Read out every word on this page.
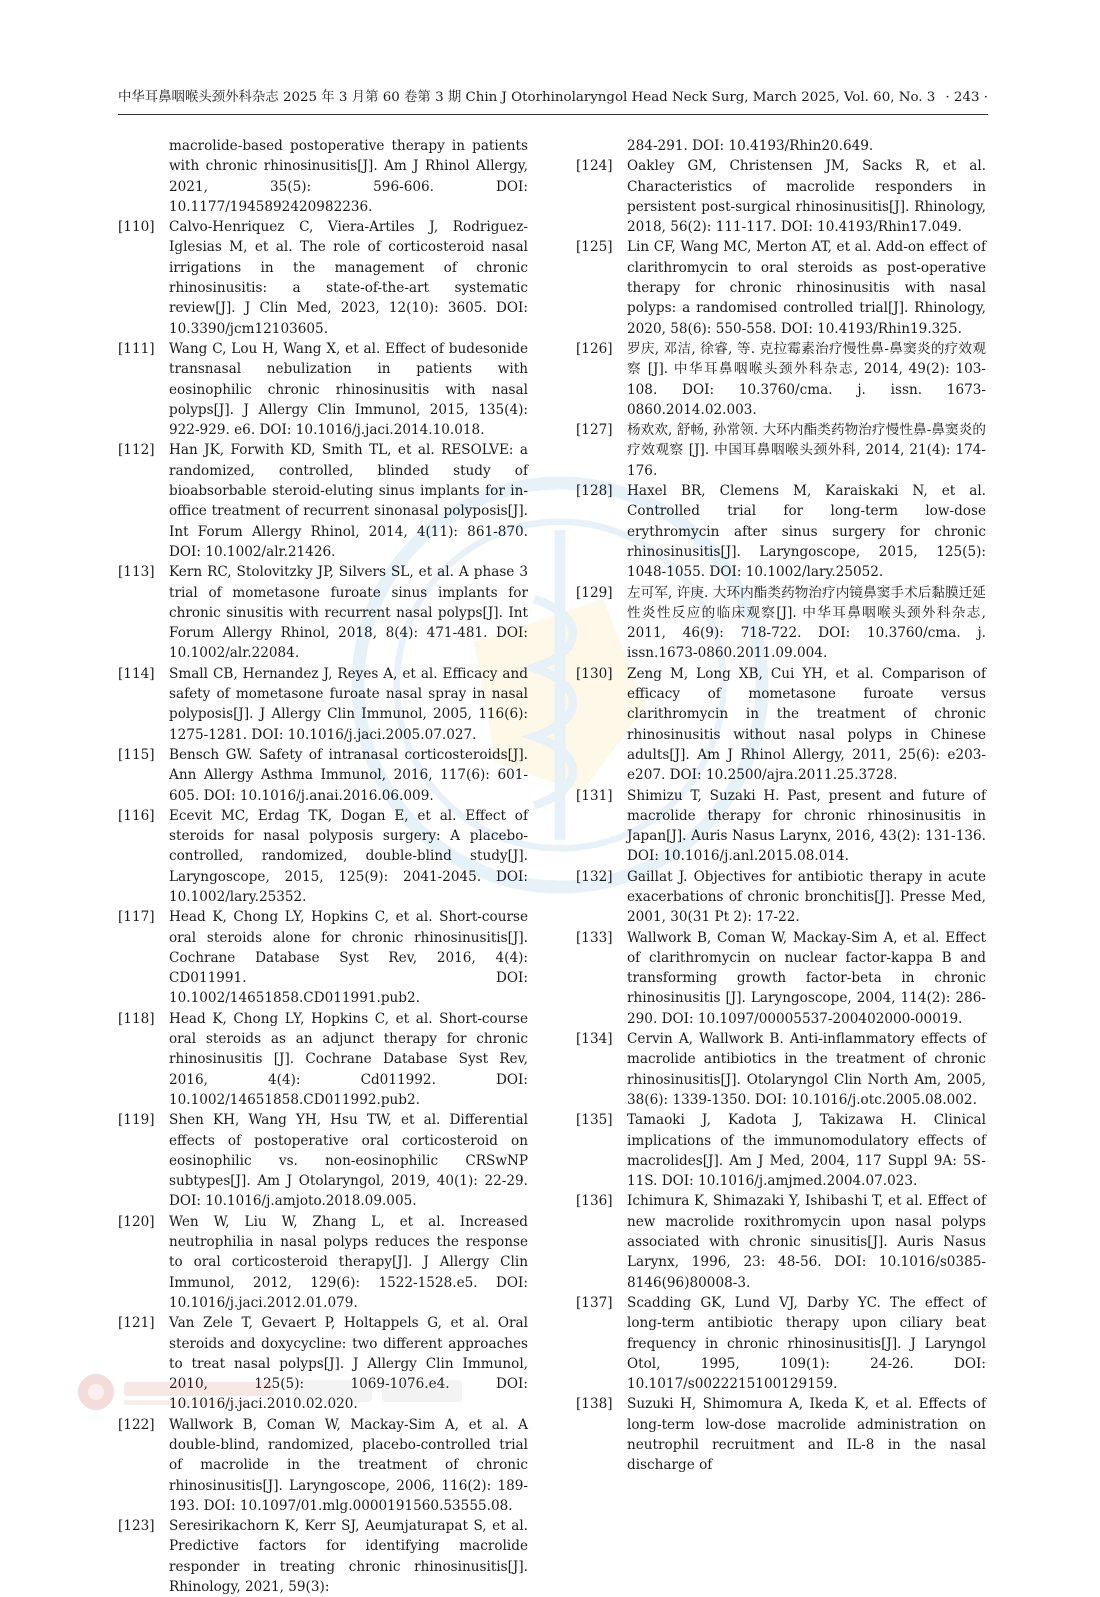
中华耳鼻咽喉头颈外科杂志 2025 年 3 月第 60 卷第 3 期 Chin J Otorhinolaryngol Head Neck Surg, March 2025, Vol. 60, No. 3 · 243 ·

macrolide-based postoperative therapy in patients with chronic rhinosinusitis[J]. Am J Rhinol Allergy, 2021, 35(5): 596-606. DOI: 10.1177/1945892420982236.

[110] Calvo-Henriquez C, Viera-Artiles J, Rodriguez-Iglesias M, et al. The role of corticosteroid nasal irrigations in the management of chronic rhinosinusitis: a state-of-the-art systematic review[J]. J Clin Med, 2023, 12(10): 3605. DOI: 10.3390/jcm12103605.

[111] Wang C, Lou H, Wang X, et al. Effect of budesonide transnasal nebulization in patients with eosinophilic chronic rhinosinusitis with nasal polyps[J]. J Allergy Clin Immunol, 2015, 135(4): 922-929. e6. DOI: 10.1016/j.jaci.2014.10.018.

[112] Han JK, Forwith KD, Smith TL, et al. RESOLVE: a randomized, controlled, blinded study of bioabsorbable steroid-eluting sinus implants for in-office treatment of recurrent sinonasal polyposis[J]. Int Forum Allergy Rhinol, 2014, 4(11): 861-870. DOI: 10.1002/alr.21426.

[113] Kern RC, Stolovitzky JP, Silvers SL, et al. A phase 3 trial of mometasone furoate sinus implants for chronic sinusitis with recurrent nasal polyps[J]. Int Forum Allergy Rhinol, 2018, 8(4): 471-481. DOI: 10.1002/alr.22084.

[114] Small CB, Hernandez J, Reyes A, et al. Efficacy and safety of mometasone furoate nasal spray in nasal polyposis[J]. J Allergy Clin Immunol, 2005, 116(6): 1275-1281. DOI: 10.1016/j.jaci.2005.07.027.

[115] Bensch GW. Safety of intranasal corticosteroids[J]. Ann Allergy Asthma Immunol, 2016, 117(6): 601-605. DOI: 10.1016/j.anai.2016.06.009.

[116] Ecevit MC, Erdag TK, Dogan E, et al. Effect of steroids for nasal polyposis surgery: A placebo-controlled, randomized, double-blind study[J]. Laryngoscope, 2015, 125(9): 2041-2045. DOI: 10.1002/lary.25352.

[117] Head K, Chong LY, Hopkins C, et al. Short-course oral steroids alone for chronic rhinosinusitis[J]. Cochrane Database Syst Rev, 2016, 4(4): CD011991. DOI: 10.1002/14651858.CD011991.pub2.

[118] Head K, Chong LY, Hopkins C, et al. Short-course oral steroids as an adjunct therapy for chronic rhinosinusitis [J]. Cochrane Database Syst Rev, 2016, 4(4): Cd011992. DOI: 10.1002/14651858.CD011992.pub2.

[119] Shen KH, Wang YH, Hsu TW, et al. Differential effects of postoperative oral corticosteroid on eosinophilic vs. non-eosinophilic CRSwNP subtypes[J]. Am J Otolaryngol, 2019, 40(1): 22-29. DOI: 10.1016/j.amjoto.2018.09.005.

[120] Wen W, Liu W, Zhang L, et al. Increased neutrophilia in nasal polyps reduces the response to oral corticosteroid therapy[J]. J Allergy Clin Immunol, 2012, 129(6): 1522-1528.e5. DOI: 10.1016/j.jaci.2012.01.079.

[121] Van Zele T, Gevaert P, Holtappels G, et al. Oral steroids and doxycycline: two different approaches to treat nasal polyps[J]. J Allergy Clin Immunol, 2010, 125(5): 1069-1076.e4. DOI: 10.1016/j.jaci.2010.02.020.

[122] Wallwork B, Coman W, Mackay-Sim A, et al. A double-blind, randomized, placebo-controlled trial of macrolide in the treatment of chronic rhinosinusitis[J]. Laryngoscope, 2006, 116(2): 189-193. DOI: 10.1097/01.mlg.0000191560.53555.08.

[123] Seresirikachorn K, Kerr SJ, Aeumjaturapat S, et al. Predictive factors for identifying macrolide responder in treating chronic rhinosinusitis[J]. Rhinology, 2021, 59(3):

284-291. DOI: 10.4193/Rhin20.649.

[124] Oakley GM, Christensen JM, Sacks R, et al. Characteristics of macrolide responders in persistent post-surgical rhinosinusitis[J]. Rhinology, 2018, 56(2): 111-117. DOI: 10.4193/Rhin17.049.

[125] Lin CF, Wang MC, Merton AT, et al. Add-on effect of clarithromycin to oral steroids as post-operative therapy for chronic rhinosinusitis with nasal polyps: a randomised controlled trial[J]. Rhinology, 2020, 58(6): 550-558. DOI: 10.4193/Rhin19.325.

[126] 罗庆, 邓洁, 徐睿, 等. 克拉霉素治疗慢性鼻-鼻窦炎的疗效观察 [J]. 中华耳鼻咽喉头颈外科杂志, 2014, 49(2): 103-108. DOI: 10.3760/cma. j. issn. 1673-0860.2014.02.003.

[127] 杨欢欢, 舒畅, 孙常领. 大环内酯类药物治疗慢性鼻-鼻窦炎的疗效观察 [J]. 中国耳鼻咽喉头颈外科, 2014, 21(4): 174-176.

[128] Haxel BR, Clemens M, Karaiskaki N, et al. Controlled trial for long-term low-dose erythromycin after sinus surgery for chronic rhinosinusitis[J]. Laryngoscope, 2015, 125(5): 1048-1055. DOI: 10.1002/lary.25052.

[129] 左可军, 许庚. 大环内酯类药物治疗内镜鼻窦手术后黏膜迁延性炎性反应的临床观察[J]. 中华耳鼻咽喉头颈外科杂志, 2011, 46(9): 718-722. DOI: 10.3760/cma. j. issn.1673-0860.2011.09.004.

[130] Zeng M, Long XB, Cui YH, et al. Comparison of efficacy of mometasone furoate versus clarithromycin in the treatment of chronic rhinosinusitis without nasal polyps in Chinese adults[J]. Am J Rhinol Allergy, 2011, 25(6): e203-e207. DOI: 10.2500/ajra.2011.25.3728.

[131] Shimizu T, Suzaki H. Past, present and future of macrolide therapy for chronic rhinosinusitis in Japan[J]. Auris Nasus Larynx, 2016, 43(2): 131-136. DOI: 10.1016/j.anl.2015.08.014.

[132] Gaillat J. Objectives for antibiotic therapy in acute exacerbations of chronic bronchitis[J]. Presse Med, 2001, 30(31 Pt 2): 17-22.

[133] Wallwork B, Coman W, Mackay-Sim A, et al. Effect of clarithromycin on nuclear factor-kappa B and transforming growth factor-beta in chronic rhinosinusitis [J]. Laryngoscope, 2004, 114(2): 286-290. DOI: 10.1097/00005537-200402000-00019.

[134] Cervin A, Wallwork B. Anti-inflammatory effects of macrolide antibiotics in the treatment of chronic rhinosinusitis[J]. Otolaryngol Clin North Am, 2005, 38(6): 1339-1350. DOI: 10.1016/j.otc.2005.08.002.

[135] Tamaoki J, Kadota J, Takizawa H. Clinical implications of the immunomodulatory effects of macrolides[J]. Am J Med, 2004, 117 Suppl 9A: 5S-11S. DOI: 10.1016/j.amjmed.2004.07.023.

[136] Ichimura K, Shimazaki Y, Ishibashi T, et al. Effect of new macrolide roxithromycin upon nasal polyps associated with chronic sinusitis[J]. Auris Nasus Larynx, 1996, 23: 48-56. DOI: 10.1016/s0385-8146(96)80008-3.

[137] Scadding GK, Lund VJ, Darby YC. The effect of long-term antibiotic therapy upon ciliary beat frequency in chronic rhinosinusitis[J]. J Laryngol Otol, 1995, 109(1): 24-26. DOI: 10.1017/s0022215100129159.

[138] Suzuki H, Shimomura A, Ikeda K, et al. Effects of long-term low-dose macrolide administration on neutrophil recruitment and IL-8 in the nasal discharge of
